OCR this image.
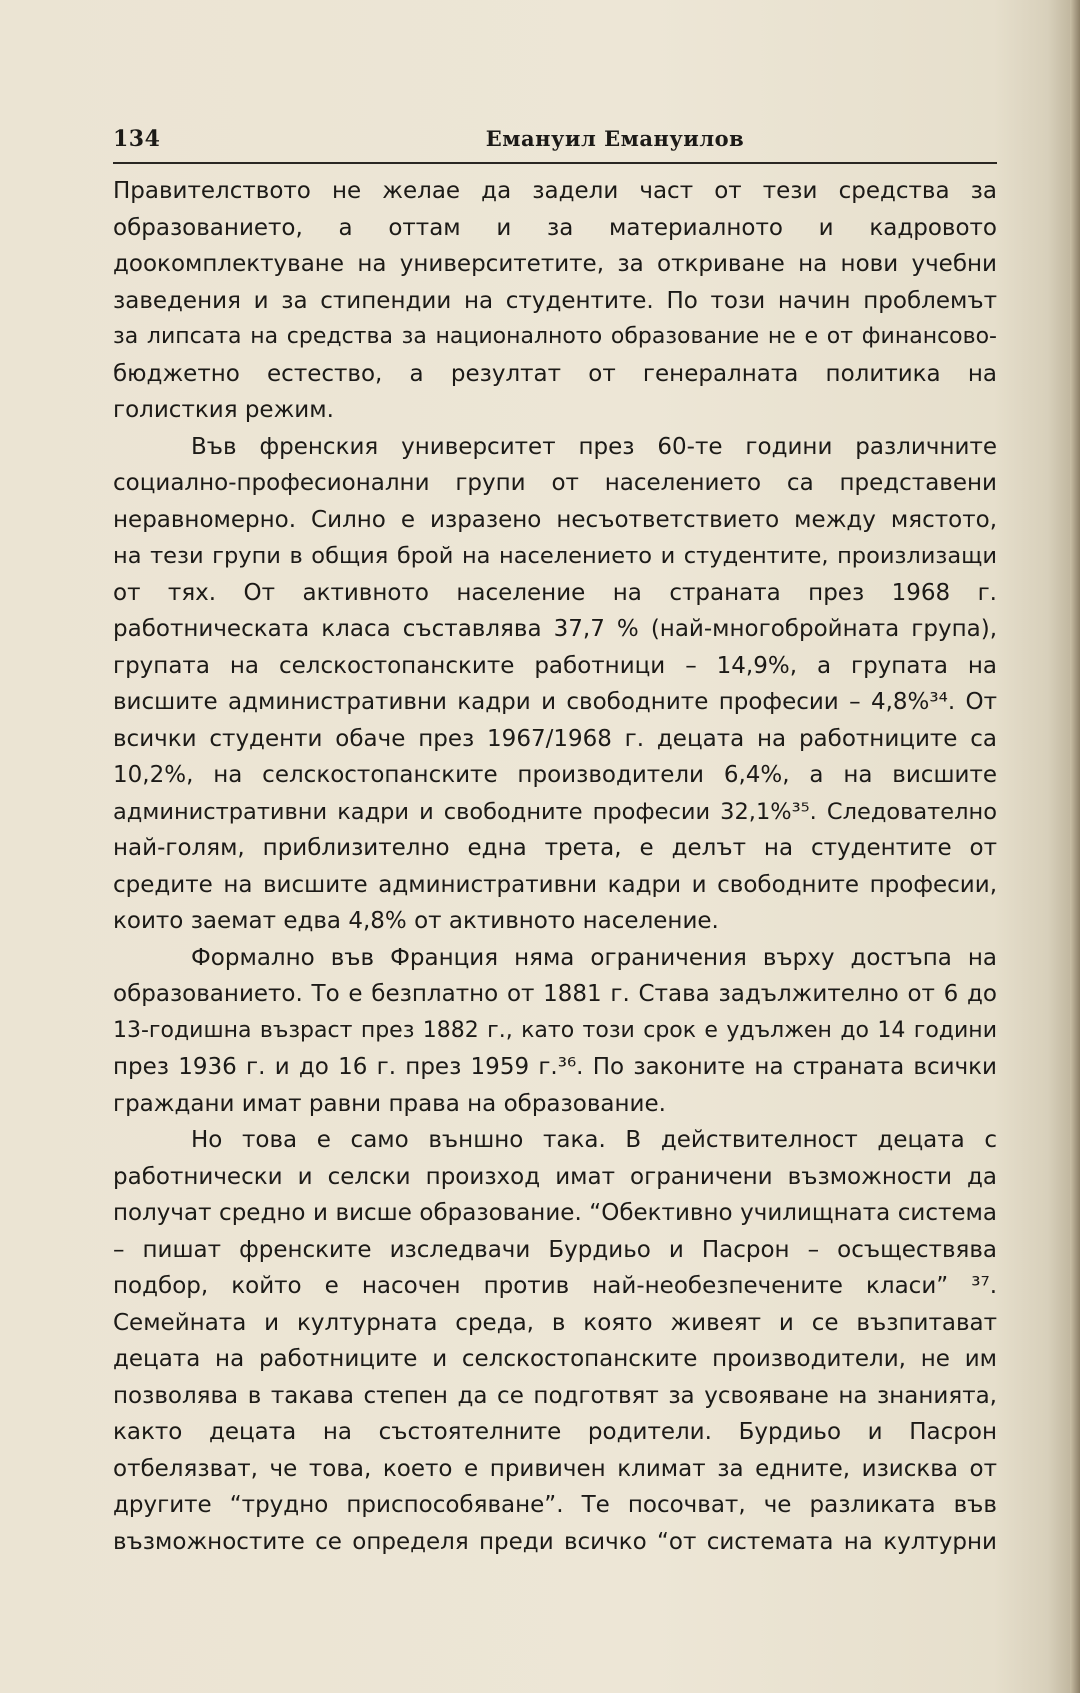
134	Емануил Емануилов
Правителството не желае да задели част от тези средства за
образованието, а оттам и за материалното и кадровото
доокомплектуване на университетите, за откриване на нови учебни
заведения и за стипендии на студентите. По този начин проблемът
за липсата на средства за националното образование не е от финансово-
бюджетно естество, а резултат от генералната политика на
голисткия режим.
Във френския университет през 60-те години различните
социално-професионални групи от населението са представени
неравномерно. Силно е изразено несъответствието между мястото,
на тези групи в общия брой на населението и студентите, произлизащи
от тях. От активното население на страната през 1968 г.
работническата класа съставлява 37,7 % (най-многобройната група),
групата на селскостопанските работници – 14,9%, а групата на
висшите административни кадри и свободните професии – 4,8%³⁴. От
всички студенти обаче през 1967/1968 г. децата на работниците са
10,2%, на селскостопанските производители 6,4%, а на висшите
административни кадри и свободните професии 32,1%³⁵. Следователно
най-голям, приблизително една трета, е делът на студентите от
средите на висшите административни кадри и свободните професии,
които заемат едва 4,8% от активното население.
Формално във Франция няма ограничения върху достъпа на
образованието. То е безплатно от 1881 г. Става задължително от 6 до
13-годишна възраст през 1882 г., като този срок е удължен до 14 години
през 1936 г. и до 16 г. през 1959 г.³⁶. По законите на страната всички
граждани имат равни права на образование.
Но това е само външно така. В действителност децата с
работнически и селски произход имат ограничени възможности да
получат средно и висше образование. “Обективно училищната система
– пишат френските изследвачи Бурдиьо и Пасрон – осъществява
подбор, който е насочен против най-необезпечените класи” ³⁷.
Семейната и културната среда, в която живеят и се възпитават
децата на работниците и селскостопанските производители, не им
позволява в такава степен да се подготвят за усвояване на знанията,
както децата на състоятелните родители. Бурдиьо и Пасрон
отбелязват, че това, което е привичен климат за едните, изисква от
другите “трудно приспособяване”. Те посочват, че разликата във
възможностите се определя преди всичко “от системата на културни
